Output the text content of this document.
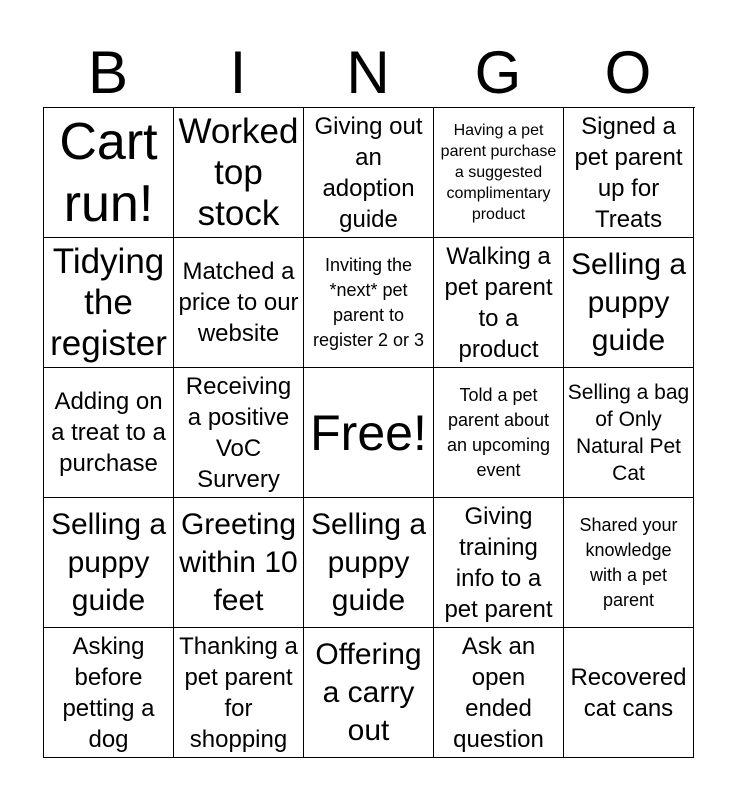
B	I	N	G	O
Cart run!
Worked top stock
Giving out an adoption guide
Having a pet parent purchase a suggested complimentary product
Signed a pet parent up for Treats
Tidying the register
Matched a price to our website
Inviting the *next* pet parent to register 2 or 3
Walking a pet parent to a product
Selling a puppy guide
Adding on a treat to a purchase
Receiving a positive VoC Survery
Free!
Told a pet parent about an upcoming event
Selling a bag of Only Natural Pet Cat
Selling a puppy guide
Greeting within 10 feet
Selling a puppy guide
Giving training info to a pet parent
Shared your knowledge with a pet parent
Asking before petting a dog
Thanking a pet parent for shopping
Offering a carry out
Ask an open ended question
Recovered cat cans
